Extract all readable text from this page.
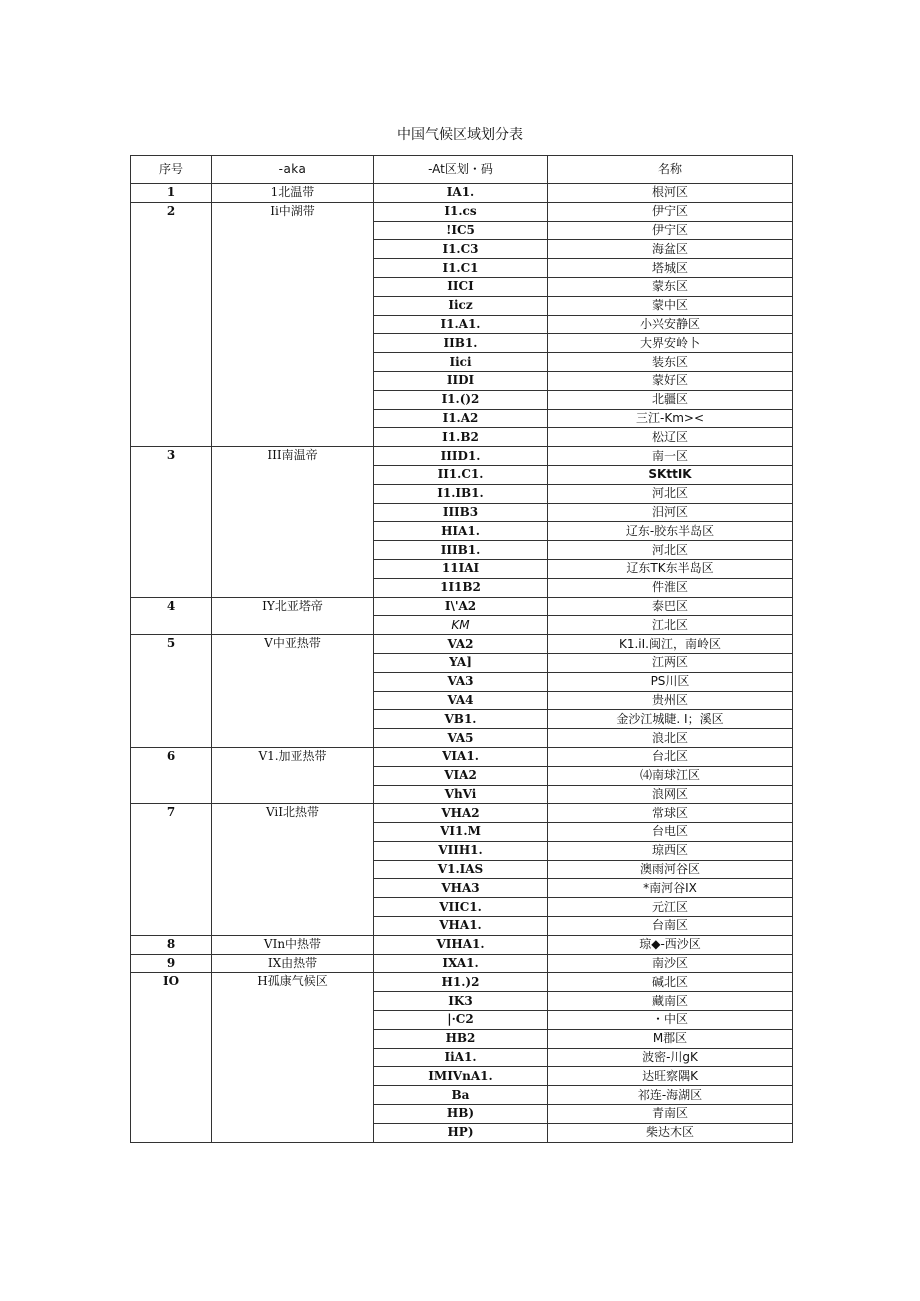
中国气候区域划分表
序号	-aka	-At区划・码	名称
1	1北温带	IA1.	根河区
2	Ii中湖带	I1.cs	伊宁区
		!IC5	伊宁区
		I1.C3	海盆区
		I1.C1	塔城区
		IICI	蒙东区
		Iicz	蒙中区
		I1.A1.	小兴安静区
		IIB1.	大界安岭卜
		Iici	装东区
		IIDI	蒙好区
		I1.()2	北疆区
		I1.A2	三江-Km><
		I1.B2	松辽区
3	III南温帝	IIID1.	南一区
		II1.C1.	SKttIK
		I1.IB1.	河北区
		IIIB3	汨河区
		HIA1.	辽东-胶东半岛区
		IIIB1.	河北区
		11IAI	辽东TK东半岛区
		1I1B2	件淮区
4	IY北亚塔帝	I\'A2	泰巴区
		KM	江北区
5	V中亚热带	VA2	K1.iI.闽江，南岭区
		YA]	江两区
		VA3	PS川区
		VA4	贵州区
		VB1.	金沙江城睫. I；溪区
		VA5	浪北区
6	V1.加亚热带	VIA1.	台北区
		VIA2	⑷南球江区
		VhVi	浪网区
7	ViI北热带	VHA2	常球区
		VI1.M	台电区
		VIIH1.	琼西区
		V1.IAS	澳雨河谷区
		VHA3	*南河谷IX
		VIIC1.	元江区
		VHA1.	台南区
8	VIn中热带	VIHA1.	琼◆-西沙区
9	IX由热带	IXA1.	南沙区
IO	H孤康气候区	H1.)2	碱北区
		IK3	藏南区
		|·C2	・中区
		HB2	M郡区
		IiA1.	波密-川gK
		IMIVnA1.	达旺察隅K
		Ba	祁连-海湖区
		HB)	青南区
		HP)	柴达木区
